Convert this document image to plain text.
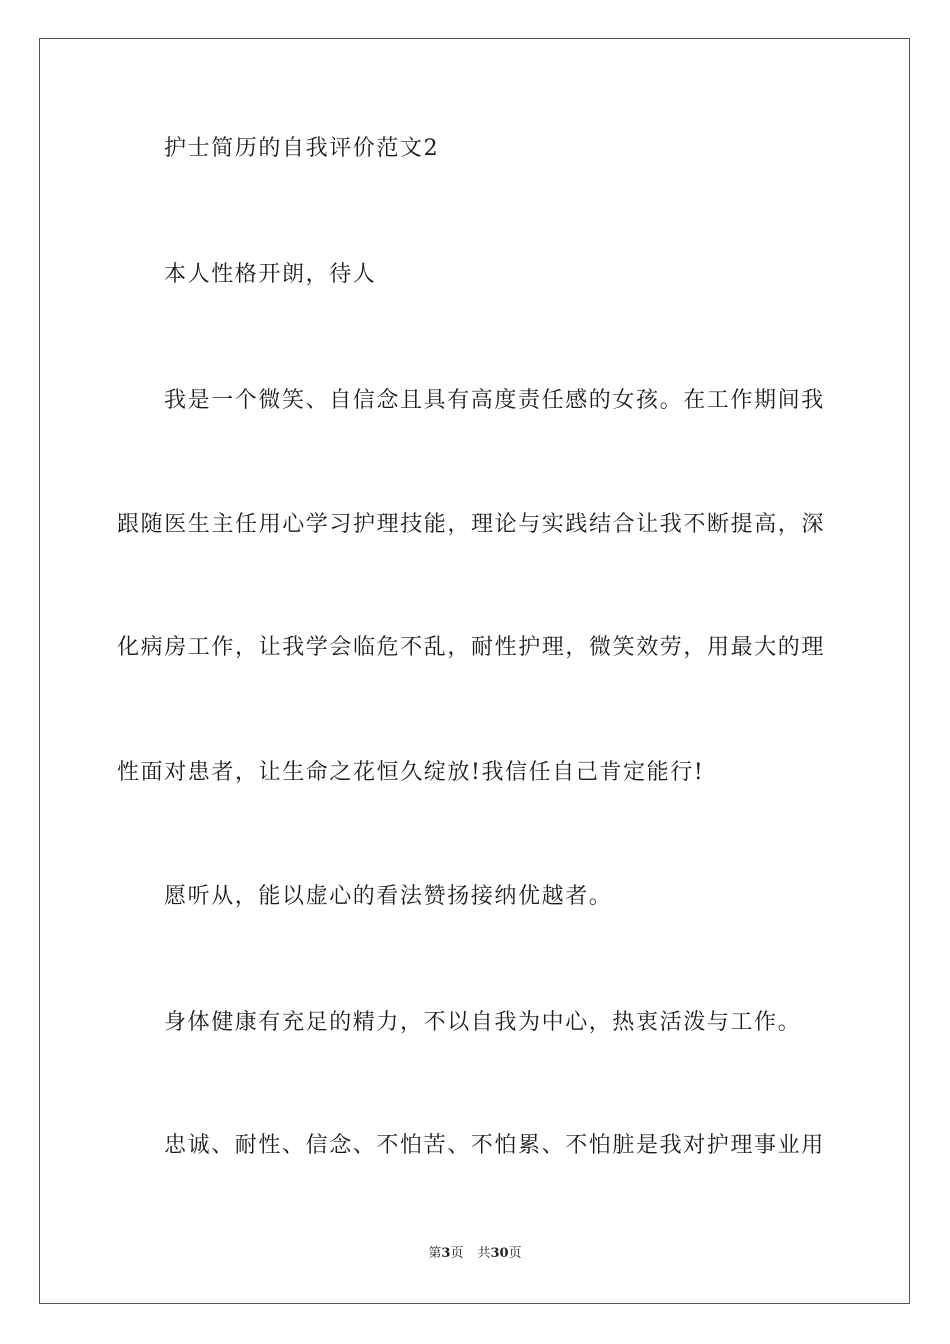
护士简历的自我评价范文2
本人性格开朗，待人
我是一个微笑、自信念且具有高度责任感的女孩。在工作期间我
跟随医生主任用心学习护理技能，理论与实践结合让我不断提高，深
化病房工作，让我学会临危不乱，耐性护理，微笑效劳，用最大的理
性面对患者，让生命之花恒久绽放!我信任自己肯定能行!
愿听从，能以虚心的看法赞扬接纳优越者。
身体健康有充足的精力，不以自我为中心，热衷活泼与工作。
忠诚、耐性、信念、不怕苦、不怕累、不怕脏是我对护理事业用
第3页 共30页
